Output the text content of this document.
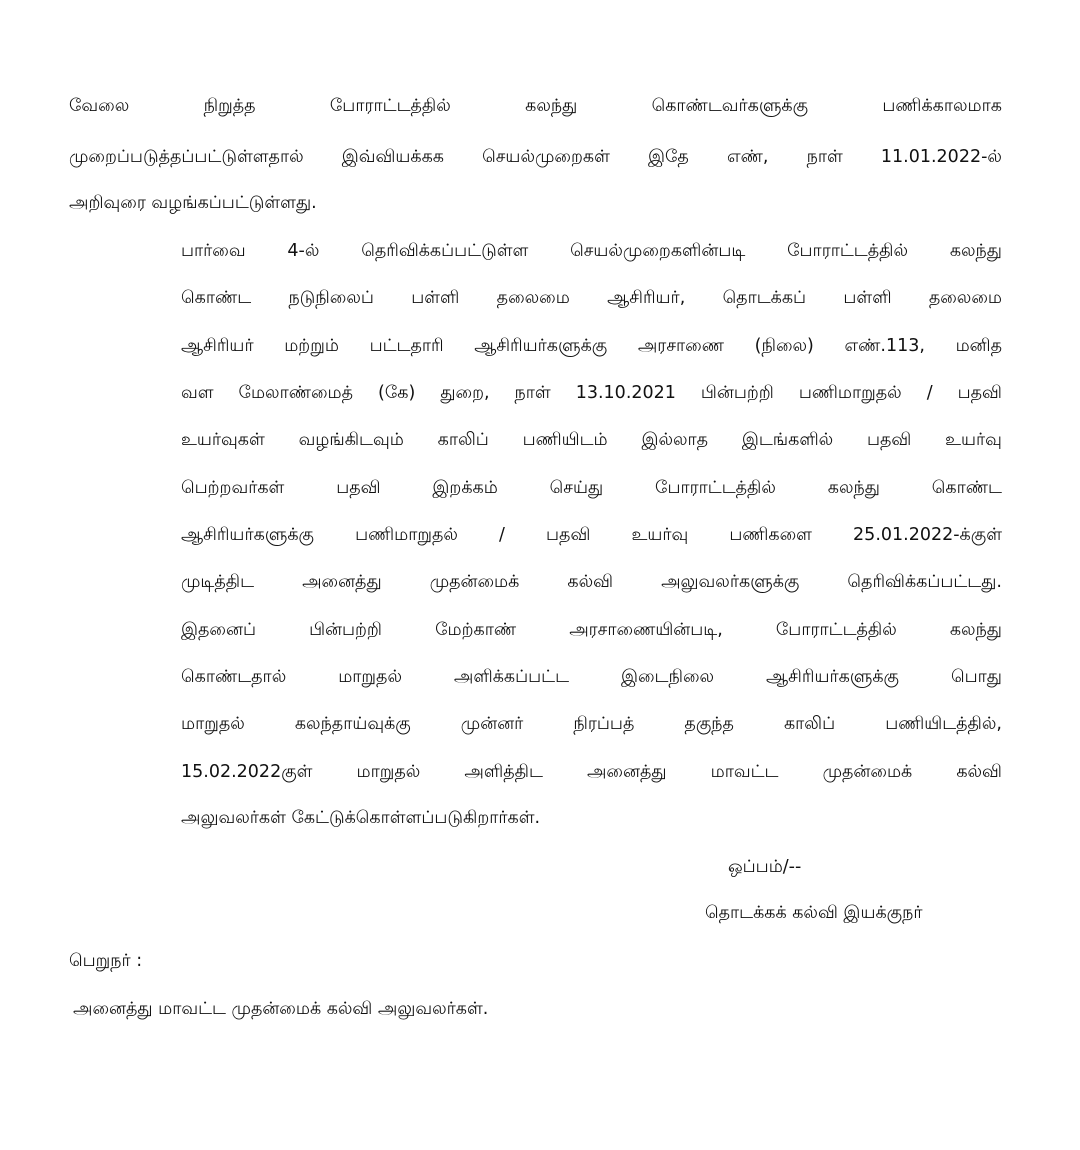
வேலை	நிறுத்த	போராட்டத்தில்	கலந்து	கொண்டவர்களுக்கு	பணிக்காலமாக
முறைப்படுத்தப்பட்டுள்ளதால் இவ்வியக்கக செயல்முறைகள் இதே எண், நாள் 11.01.2022-ல்
அறிவுரை வழங்கப்பட்டுள்ளது.
பார்வை 4-ல் தெரிவிக்கப்பட்டுள்ள செயல்முறைகளின்படி போராட்டத்தில் கலந்து
கொண்ட நடுநிலைப் பள்ளி தலைமை ஆசிரியர், தொடக்கப் பள்ளி தலைமை
ஆசிரியர் மற்றும் பட்டதாரி ஆசிரியர்களுக்கு அரசாணை (நிலை) எண்.113, மனித
வள மேலாண்மைத் (கே) துறை, நாள் 13.10.2021 பின்பற்றி பணிமாறுதல் / பதவி
உயர்வுகள் வழங்கிடவும் காலிப் பணியிடம் இல்லாத இடங்களில் பதவி உயர்வு
பெற்றவர்கள்	பதவி	இறக்கம்	செய்து	போராட்டத்தில்	கலந்து	கொண்ட
ஆசிரியர்களுக்கு பணிமாறுதல் / பதவி உயர்வு பணிகளை 25.01.2022-க்குள்
முடித்திட	அனைத்து	முதன்மைக்	கல்வி	அலுவலர்களுக்கு	தெரிவிக்கப்பட்டது.
இதனைப்	பின்பற்றி	மேற்காண்	அரசாணையின்படி,	போராட்டத்தில்	கலந்து
கொண்டதால்	மாறுதல்	அளிக்கப்பட்ட	இடைநிலை	ஆசிரியர்களுக்கு	பொது
மாறுதல்	கலந்தாய்வுக்கு	முன்னர்	நிரப்பத்	தகுந்த	காலிப்	பணியிடத்தில்,
15.02.2022குள்	மாறுதல்	அளித்திட	அனைத்து	மாவட்ட	முதன்மைக்	கல்வி
அலுவலர்கள் கேட்டுக்கொள்ளப்படுகிறார்கள்.
ஒப்பம்/--
தொடக்கக் கல்வி இயக்குநர்
பெறுநர் :
அனைத்து மாவட்ட முதன்மைக் கல்வி அலுவலர்கள்.
